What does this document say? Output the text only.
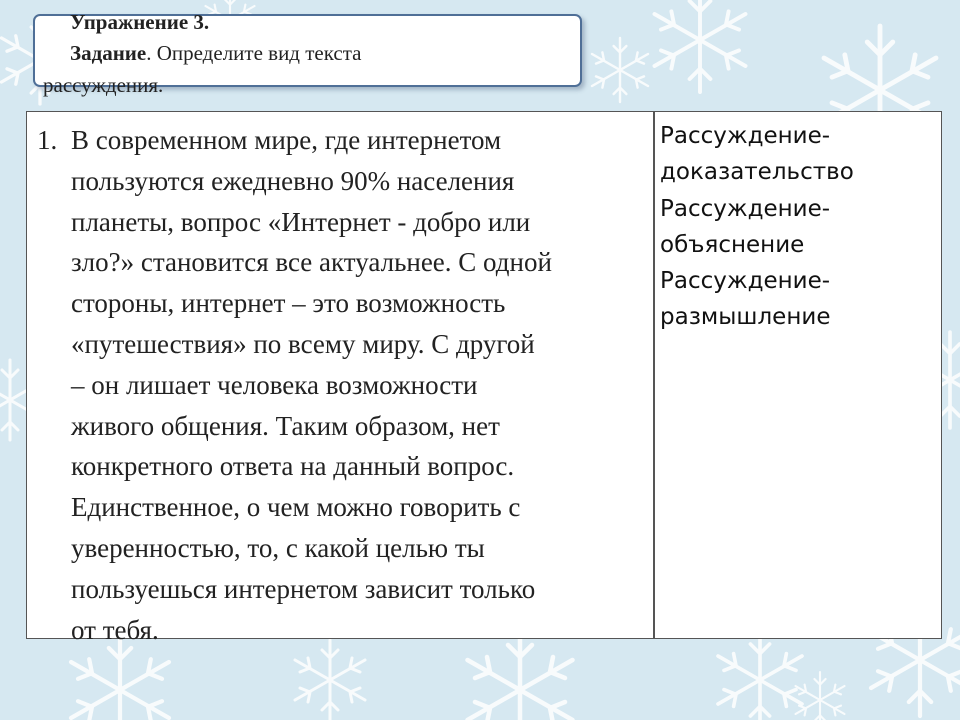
Упражнение 3.
Задание. Определите вид текста
рассуждения.
1. В современном мире, где интернетом
пользуются ежедневно 90% населения
планеты, вопрос «Интернет - добро или
зло?» становится все актуальнее. С одной
стороны, интернет – это возможность
«путешествия» по всему миру. С другой
– он лишает человека возможности
живого общения. Таким образом, нет
конкретного ответа на данный вопрос.
Единственное, о чем можно говорить с
уверенностью, то, с какой целью ты
пользуешься интернетом зависит только
от тебя.
Рассуждение-
доказательство
Рассуждение-
объяснение
Рассуждение-
размышление
